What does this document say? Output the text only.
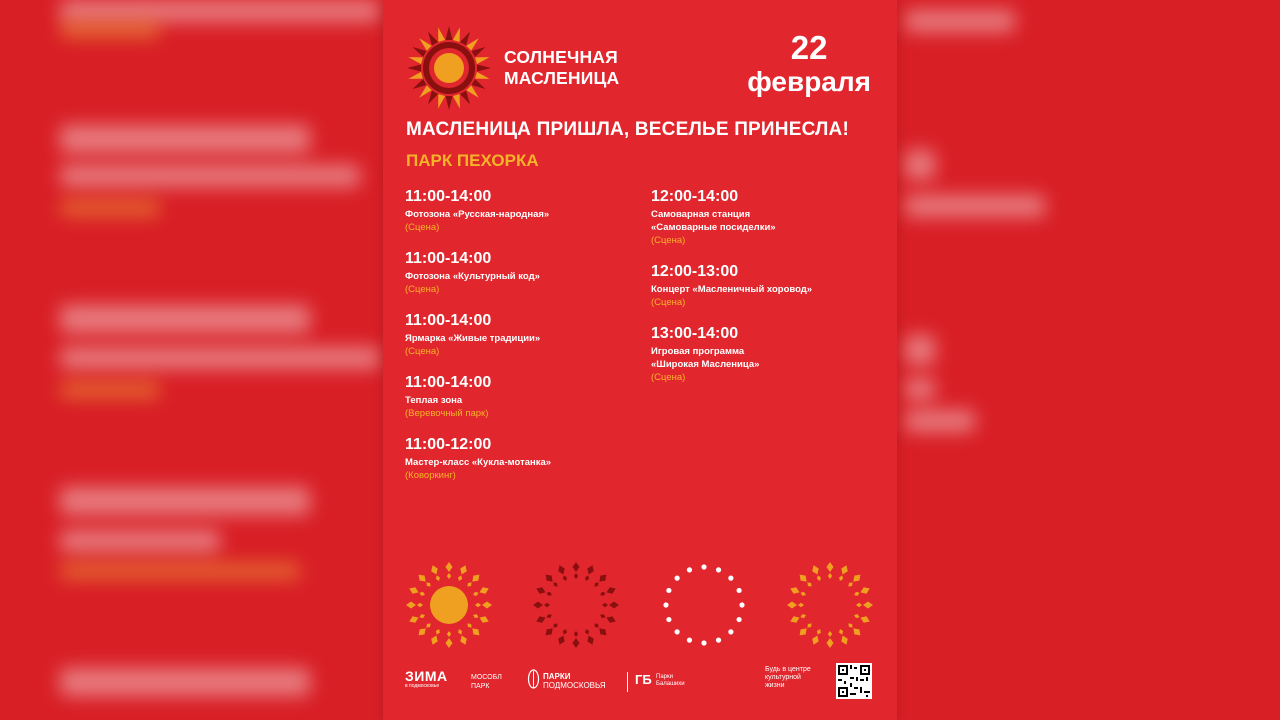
СОЛНЕЧНАЯ
МАСЛЕНИЦА
22
февраля
МАСЛЕНИЦА ПРИШЛА, ВЕСЕЛЬЕ ПРИНЕСЛА!
ПАРК ПЕХОРКА
11:00-14:00
Фотозона «Русская-народная»
(Сцена)
11:00-14:00
Фотозона «Культурный код»
(Сцена)
11:00-14:00
Ярмарка «Живые традиции»
(Сцена)
11:00-14:00
Теплая зона
(Веревочный парк)
11:00-12:00
Мастер-класс «Кукла-мотанка»
(Коворкинг)
12:00-14:00
Самоварная станция
«Самоварные посиделки»
(Сцена)
12:00-13:00
Концерт «Масленичный хоровод»
(Сцена)
13:00-14:00
Игровая программа
«Широкая Масленица»
(Сцена)
ЗИМА
в подмосковье
МОСОБЛ
ПАРК
ПАРКИ
ПОДМОСКОВЬЯ ГБ Парки
Балашихи
Будь в центре
культурной
жизни
